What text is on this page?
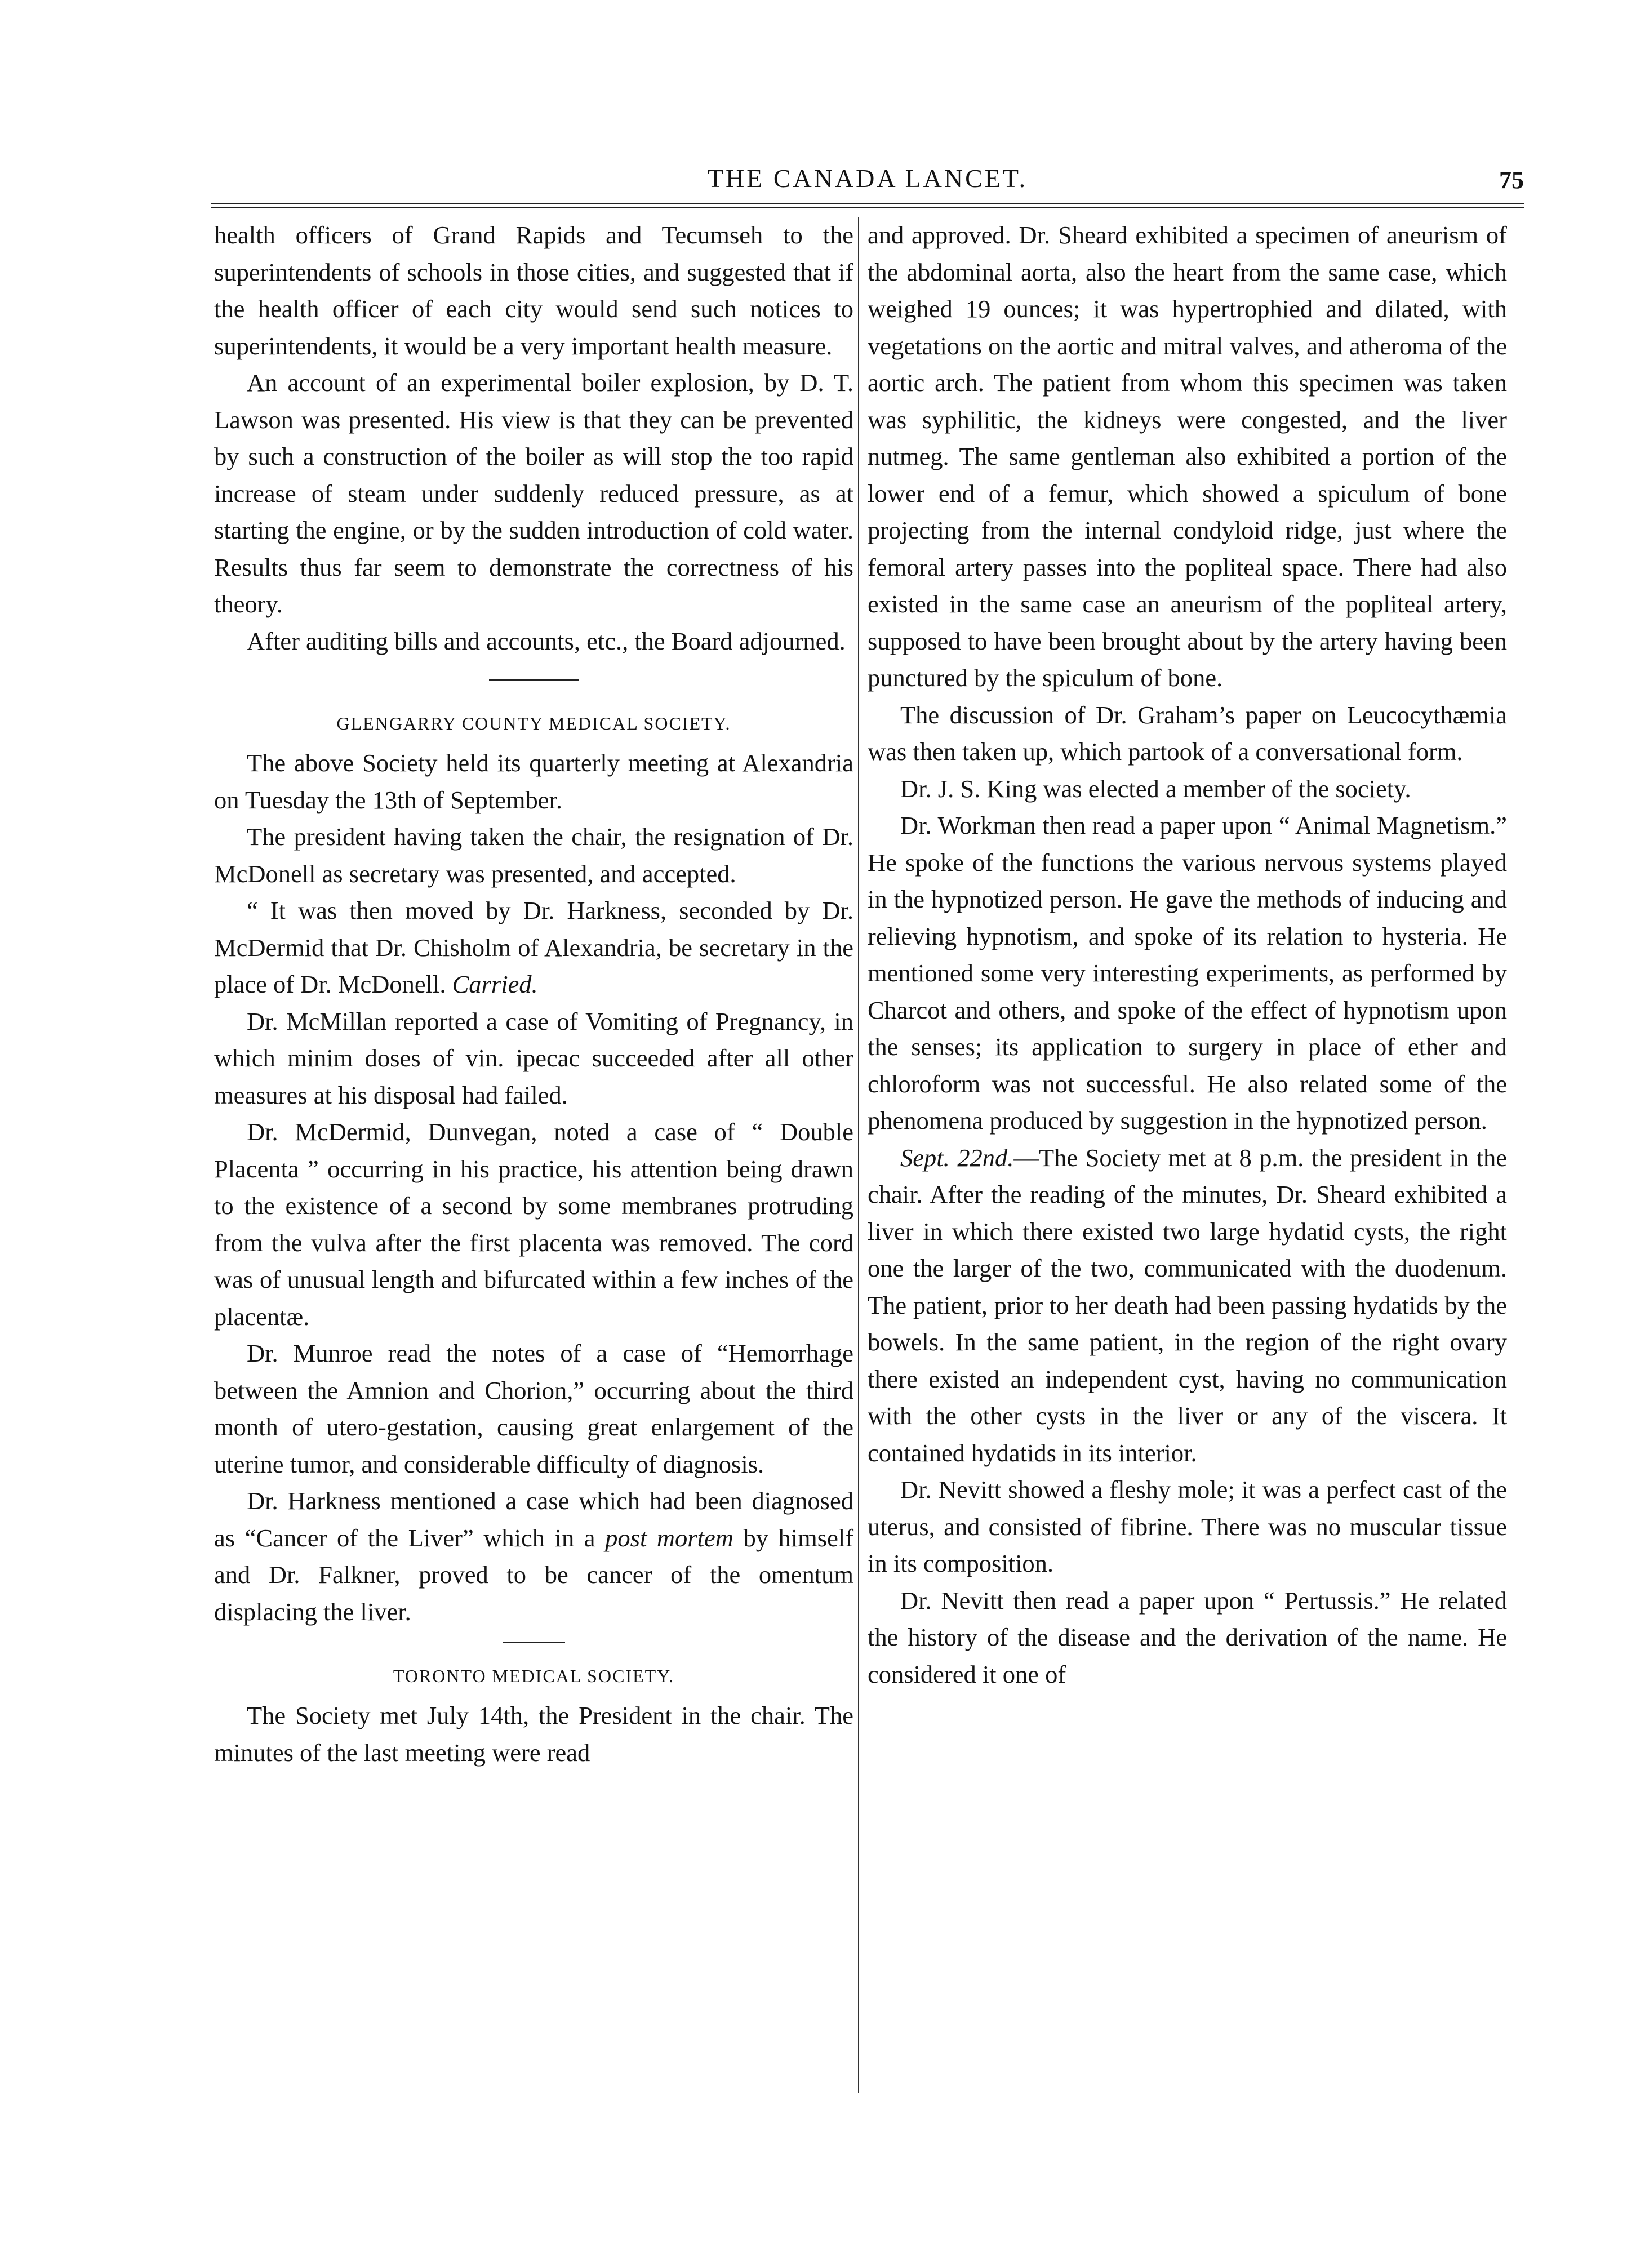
THE CANADA LANCET.	75

health officers of Grand Rapids and Tecumseh to the superintendents of schools in those cities, and suggested that if the health officer of each city would send such notices to superintendents, it would be a very important health measure.

An account of an experimental boiler explosion, by D. T. Lawson was presented. His view is that they can be prevented by such a construction of the boiler as will stop the too rapid increase of steam under suddenly reduced pressure, as at starting the engine, or by the sudden introduction of cold water. Results thus far seem to demonstrate the correctness of his theory.

After auditing bills and accounts, etc., the Board adjourned.

GLENGARRY COUNTY MEDICAL SOCIETY.

The above Society held its quarterly meeting at Alexandria on Tuesday the 13th of September.

The president having taken the chair, the resignation of Dr. McDonell as secretary was presented, and accepted.

“ It was then moved by Dr. Harkness, seconded by Dr. McDermid that Dr. Chisholm of Alexandria, be secretary in the place of Dr. McDonell. Carried.

Dr. McMillan reported a case of Vomiting of Pregnancy, in which minim doses of vin. ipecac succeeded after all other measures at his disposal had failed.

Dr. McDermid, Dunvegan, noted a case of “ Double Placenta ” occurring in his practice, his attention being drawn to the existence of a second by some membranes protruding from the vulva after the first placenta was removed. The cord was of unusual length and bifurcated within a few inches of the placentæ.

Dr. Munroe read the notes of a case of “Hemorrhage between the Amnion and Chorion,” occurring about the third month of utero-gestation, causing great enlargement of the uterine tumor, and considerable difficulty of diagnosis.

Dr. Harkness mentioned a case which had been diagnosed as “Cancer of the Liver” which in a post mortem by himself and Dr. Falkner, proved to be cancer of the omentum displacing the liver.

TORONTO MEDICAL SOCIETY.

The Society met July 14th, the President in the chair. The minutes of the last meeting were read

and approved. Dr. Sheard exhibited a specimen of aneurism of the abdominal aorta, also the heart from the same case, which weighed 19 ounces; it was hypertrophied and dilated, with vegetations on the aortic and mitral valves, and atheroma of the aortic arch. The patient from whom this specimen was taken was syphilitic, the kidneys were congested, and the liver nutmeg. The same gentleman also exhibited a portion of the lower end of a femur, which showed a spiculum of bone projecting from the internal condyloid ridge, just where the femoral artery passes into the popliteal space. There had also existed in the same case an aneurism of the popliteal artery, supposed to have been brought about by the artery having been punctured by the spiculum of bone.

The discussion of Dr. Graham’s paper on Leucocythæmia was then taken up, which partook of a conversational form.

Dr. J. S. King was elected a member of the society.

Dr. Workman then read a paper upon “ Animal Magnetism.” He spoke of the functions the various nervous systems played in the hypnotized person. He gave the methods of inducing and relieving hypnotism, and spoke of its relation to hysteria. He mentioned some very interesting experiments, as performed by Charcot and others, and spoke of the effect of hypnotism upon the senses; its application to surgery in place of ether and chloroform was not successful. He also related some of the phenomena produced by suggestion in the hypnotized person.

Sept. 22nd.—The Society met at 8 p.m. the president in the chair. After the reading of the minutes, Dr. Sheard exhibited a liver in which there existed two large hydatid cysts, the right one the larger of the two, communicated with the duodenum. The patient, prior to her death had been passing hydatids by the bowels. In the same patient, in the region of the right ovary there existed an independent cyst, having no communication with the other cysts in the liver or any of the viscera. It contained hydatids in its interior.

Dr. Nevitt showed a fleshy mole; it was a perfect cast of the uterus, and consisted of fibrine. There was no muscular tissue in its composition.

Dr. Nevitt then read a paper upon “ Pertussis.” He related the history of the disease and the derivation of the name. He considered it one of
